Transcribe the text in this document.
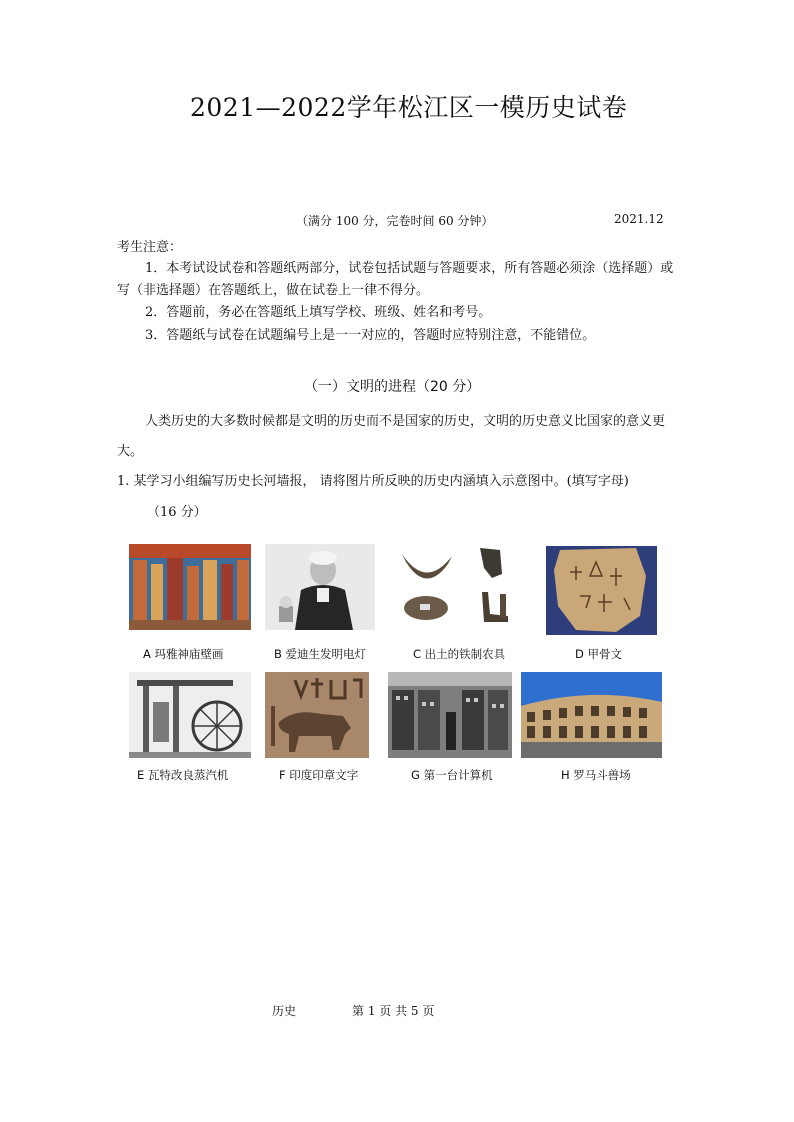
2021—2022学年松江区一模历史试卷
（满分 100 分，完卷时间 60 分钟）	2021.12
考生注意：
1．本考试设试卷和答题纸两部分，试卷包括试题与答题要求，所有答题必须涂（选择题）或写（非选择题）在答题纸上，做在试卷上一律不得分。
2．答题前，务必在答题纸上填写学校、班级、姓名和考号。
3．答题纸与试卷在试题编号上是一一对应的，答题时应特别注意，不能错位。
（一）文明的进程（20 分）
人类历史的大多数时候都是文明的历史而不是国家的历史，文明的历史意义比国家的意义更大。
1. 某学习小组编写历史长河墙报， 请将图片所反映的历史内涵填入示意图中。(填写字母)
（16 分）
A 玛雅神庙壁画	B 爱迪生发明电灯	C 出土的铁制农具	D 甲骨文
E 瓦特改良蒸汽机	F 印度印章文字	G 第一台计算机	H 罗马斗兽场
历史	第 1 页 共 5 页
